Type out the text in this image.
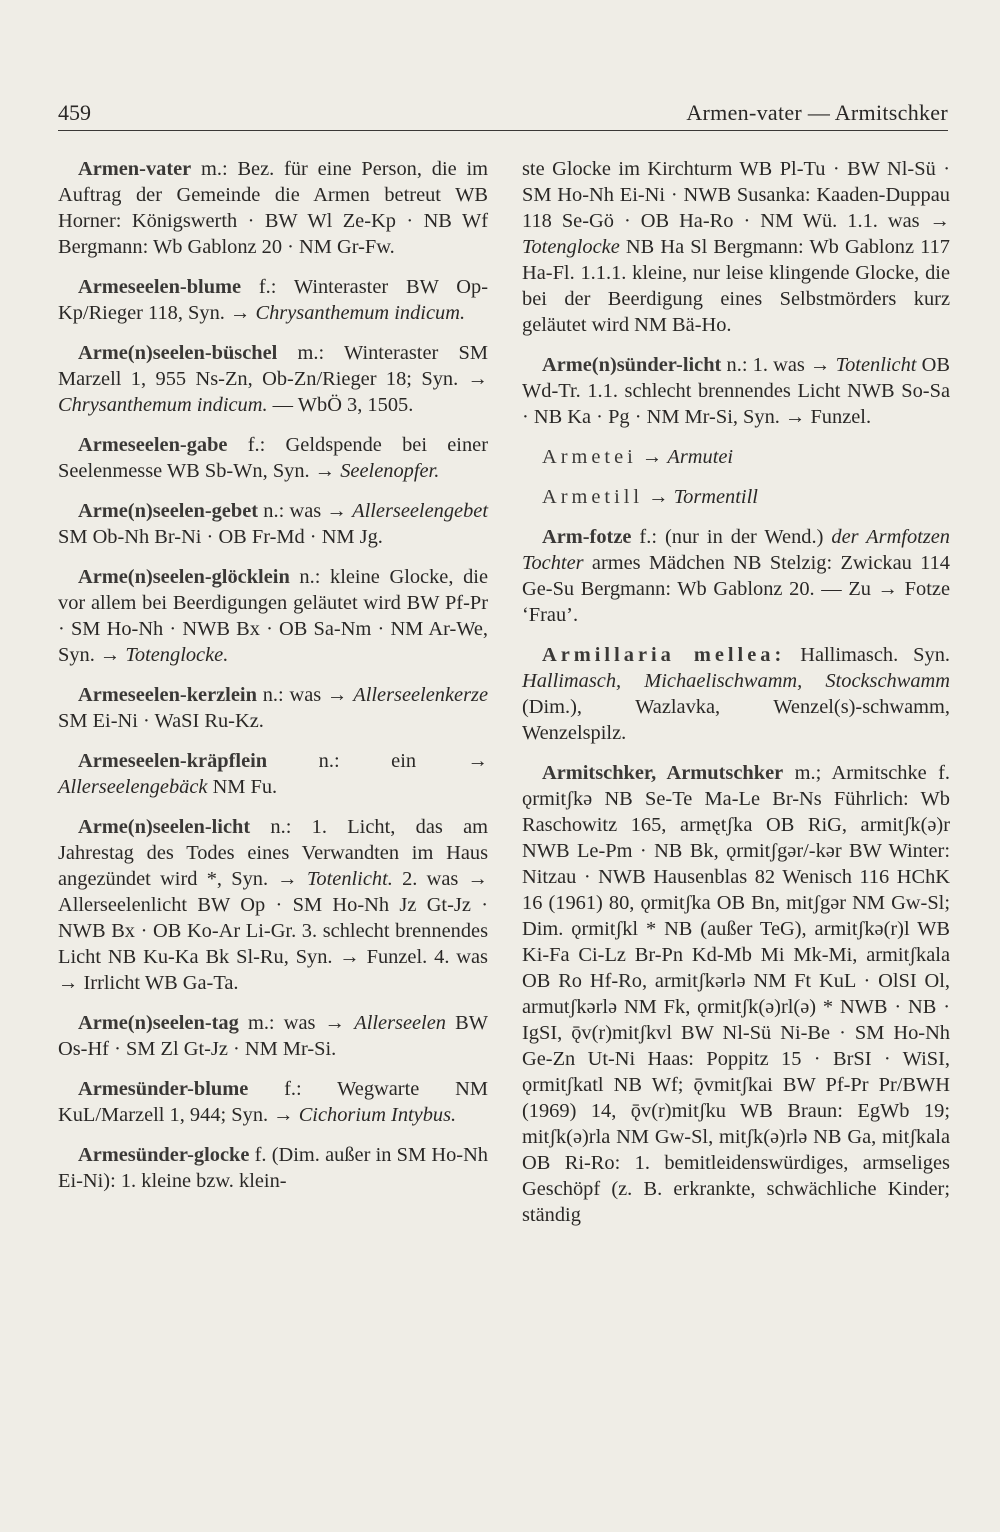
459	Armen-vater — Armitschker

Armen-vater m.: Bez. für eine Person, die im Auftrag der Gemeinde die Armen betreut WB Horner: Königswerth · BW Wl Ze-Kp · NB Wf Bergmann: Wb Gablonz 20 · NM Gr-Fw.

Armeseelen-blume f.: Winteraster BW Op-Kp/Rieger 118, Syn. → Chrysanthemum indicum.

Arme(n)seelen-büschel m.: Winteraster SM Marzell 1, 955 Ns-Zn, Ob-Zn/Rieger 18; Syn. → Chrysanthemum indicum. — WbÖ 3, 1505.

Armeseelen-gabe f.: Geldspende bei einer Seelenmesse WB Sb-Wn, Syn. → Seelenopfer.

Arme(n)seelen-gebet n.: was → Allerseelengebet SM Ob-Nh Br-Ni · OB Fr-Md · NM Jg.

Arme(n)seelen-glöcklein n.: kleine Glocke, die vor allem bei Beerdigungen geläutet wird BW Pf-Pr · SM Ho-Nh · NWB Bx · OB Sa-Nm · NM Ar-We, Syn. → Totenglocke.

Armeseelen-kerzlein n.: was → Allerseelenkerze SM Ei-Ni · WaSI Ru-Kz.

Armeseelen-kräpflein n.: ein → Allerseelengebäck NM Fu.

Arme(n)seelen-licht n.: 1. Licht, das am Jahrestag des Todes eines Verwandten im Haus angezündet wird *, Syn. → Totenlicht. 2. was → Allerseelenlicht BW Op · SM Ho-Nh Jz Gt-Jz · NWB Bx · OB Ko-Ar Li-Gr. 3. schlecht brennendes Licht NB Ku-Ka Bk Sl-Ru, Syn. → Funzel. 4. was → Irrlicht WB Ga-Ta.

Arme(n)seelen-tag m.: was → Allerseelen BW Os-Hf · SM Zl Gt-Jz · NM Mr-Si.

Armesünder-blume f.: Wegwarte NM KuL/Marzell 1, 944; Syn. → Cichorium Intybus.

Armesünder-glocke f. (Dim. außer in SM Ho-Nh Ei-Ni): 1. kleine bzw. klein-

ste Glocke im Kirchturm WB Pl-Tu · BW Nl-Sü · SM Ho-Nh Ei-Ni · NWB Susanka: Kaaden-Duppau 118 Se-Gö · OB Ha-Ro · NM Wü. 1.1. was → Totenglocke NB Ha Sl Bergmann: Wb Gablonz 117 Ha-Fl. 1.1.1. kleine, nur leise klingende Glocke, die bei der Beerdigung eines Selbstmörders kurz geläutet wird NM Bä-Ho.

Arme(n)sünder-licht n.: 1. was → Totenlicht OB Wd-Tr. 1.1. schlecht brennendes Licht NWB So-Sa · NB Ka · Pg · NM Mr-Si, Syn. → Funzel.

Armetei → Armutei

Armetill → Tormentill

Arm-fotze f.: (nur in der Wend.) der Armfotzen Tochter armes Mädchen NB Stelzig: Zwickau 114 Ge-Su Bergmann: Wb Gablonz 20. — Zu → Fotze ‘Frau’.

Armillaria mellea: Hallimasch. Syn. Hallimasch, Michaelischwamm, Stockschwamm (Dim.), Wazlavka, Wenzel(s)-schwamm, Wenzelspilz.

Armitschker, Armutschker m.; Armitschke f. ǫrmitʃkə NB Se-Te Ma-Le Br-Ns Führlich: Wb Raschowitz 165, armętʃka OB RiG, armitʃk(ə)r NWB Le-Pm · NB Bk, ǫrmitʃgər/-kər BW Winter: Nitzau · NWB Hausenblas 82 Wenisch 116 HChK 16 (1961) 80, ǫrmitʃka OB Bn, mitʃgər NM Gw-Sl; Dim. ǫrmitʃkl * NB (außer TeG), armitʃkə(r)l WB Ki-Fa Ci-Lz Br-Pn Kd-Mb Mi Mk-Mi, armitʃkala OB Ro Hf-Ro, armitʃkərlə NM Ft KuL · OlSI Ol, armutʃkərlə NM Fk, ǫrmitʃk(ə)rl(ə) * NWB · NB · IgSI, ǭv(r)mitʃkvl BW Nl-Sü Ni-Be · SM Ho-Nh Ge-Zn Ut-Ni Haas: Poppitz 15 · BrSI · WiSI, ǫrmitʃkatl NB Wf; ǭvmitʃkai BW Pf-Pr Pr/BWH (1969) 14, ǭv(r)mitʃku WB Braun: EgWb 19; mitʃk(ə)rla NM Gw-Sl, mitʃk(ə)rlə NB Ga, mitʃkala OB Ri-Ro: 1. bemitleidenswürdiges, armseliges Geschöpf (z. B. erkrankte, schwächliche Kinder; ständig
